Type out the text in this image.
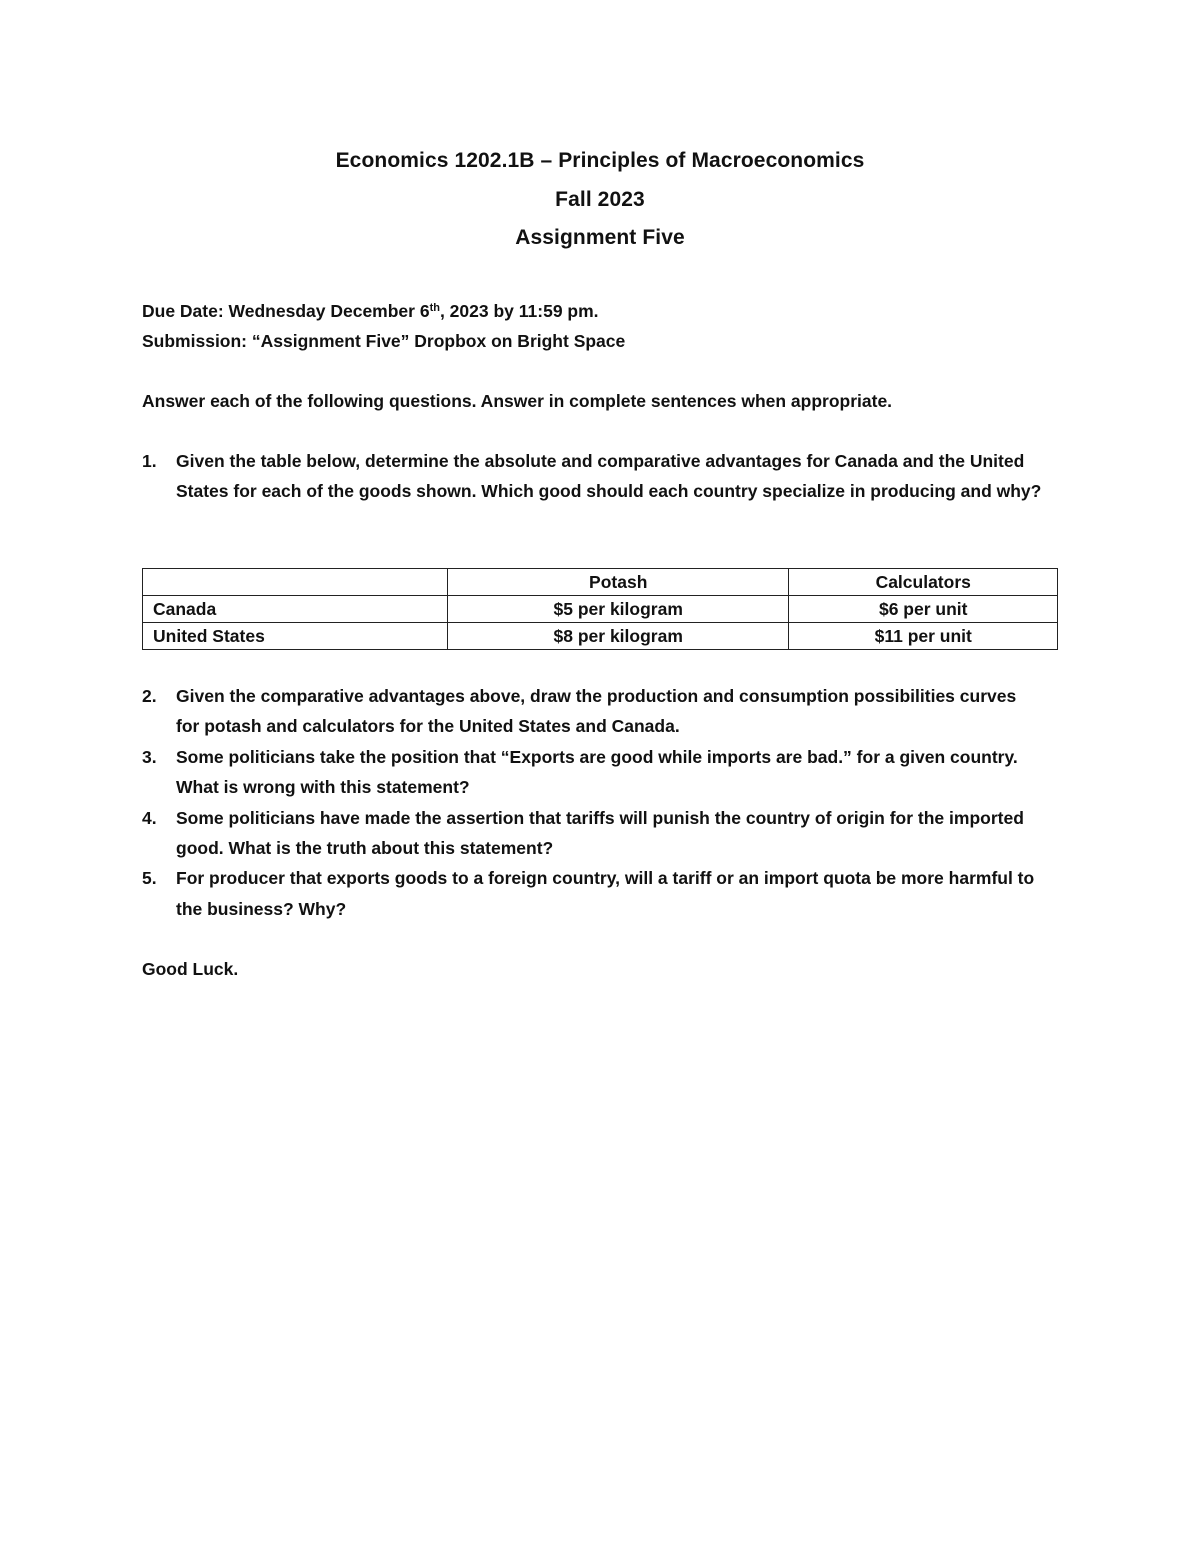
Economics 1202.1B – Principles of Macroeconomics
Fall 2023
Assignment Five
Due Date: Wednesday December 6th, 2023 by 11:59 pm.
Submission: “Assignment Five” Dropbox on Bright Space
Answer each of the following questions. Answer in complete sentences when appropriate.
1.	Given the table below, determine the absolute and comparative advantages for Canada and the United States for each of the goods shown. Which good should each country specialize in producing and why?
	Potash	Calculators
Canada	$5 per kilogram	$6 per unit
United States	$8 per kilogram	$11 per unit
2.	Given the comparative advantages above, draw the production and consumption possibilities curves for potash and calculators for the United States and Canada.
3.	Some politicians take the position that “Exports are good while imports are bad.” for a given country. What is wrong with this statement?
4.	Some politicians have made the assertion that tariffs will punish the country of origin for the imported good. What is the truth about this statement?
5.	For producer that exports goods to a foreign country, will a tariff or an import quota be more harmful to the business? Why?
Good Luck.
